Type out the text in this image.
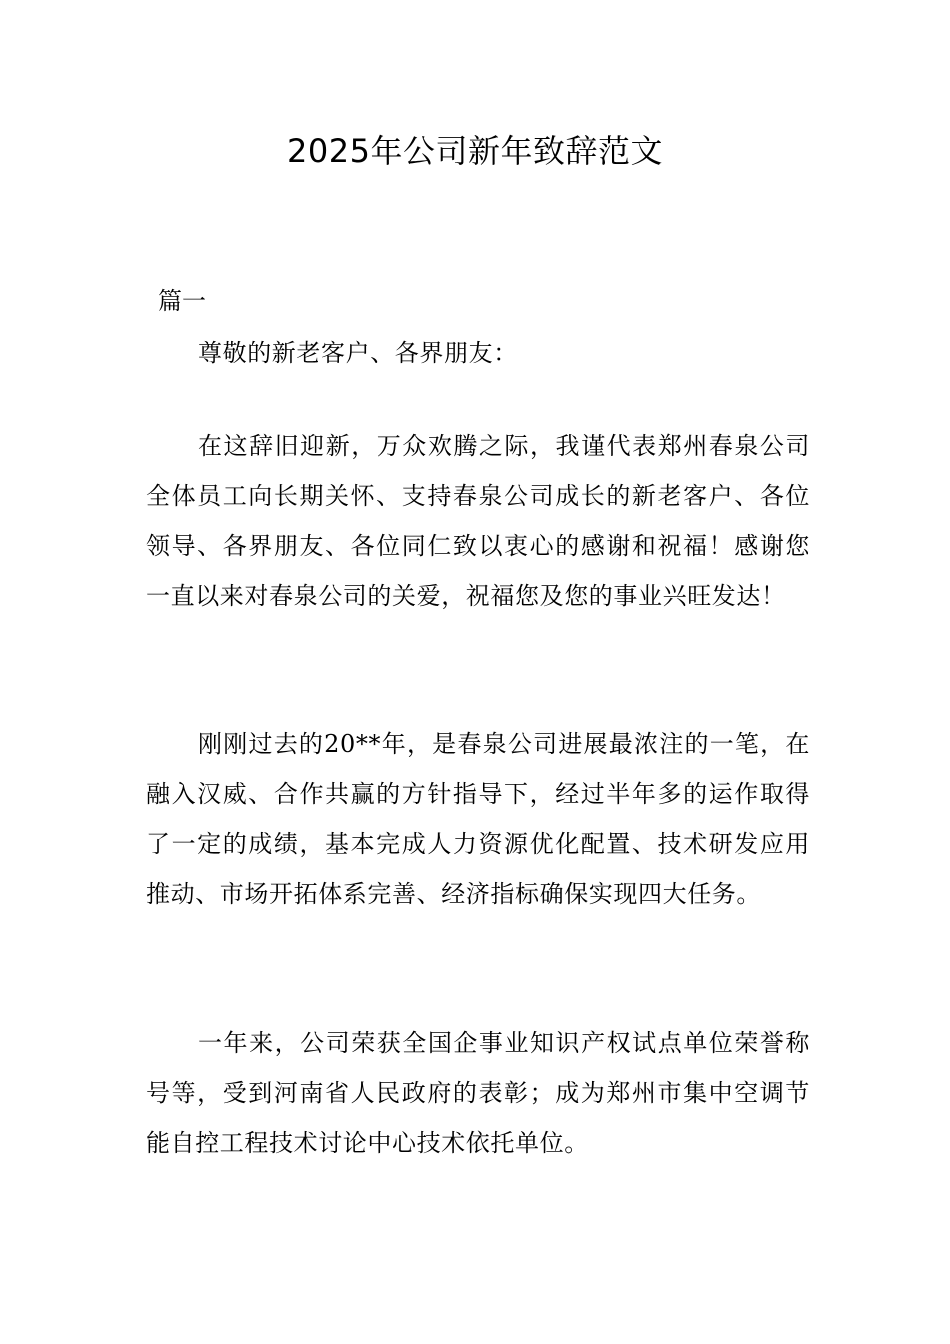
2025年公司新年致辞范文

篇一

尊敬的新老客户、各界朋友：

在这辞旧迎新，万众欢腾之际，我谨代表郑州春泉公司全体员工向长期关怀、支持春泉公司成长的新老客户、各位领导、各界朋友、各位同仁致以衷心的感谢和祝福！感谢您一直以来对春泉公司的关爱，祝福您及您的事业兴旺发达！

刚刚过去的20**年，是春泉公司进展最浓注的一笔，在融入汉威、合作共赢的方针指导下，经过半年多的运作取得了一定的成绩，基本完成人力资源优化配置、技术研发应用推动、市场开拓体系完善、经济指标确保实现四大任务。

一年来，公司荣获全国企事业知识产权试点单位荣誉称号等，受到河南省人民政府的表彰；成为郑州市集中空调节能自控工程技术讨论中心技术依托单位。
